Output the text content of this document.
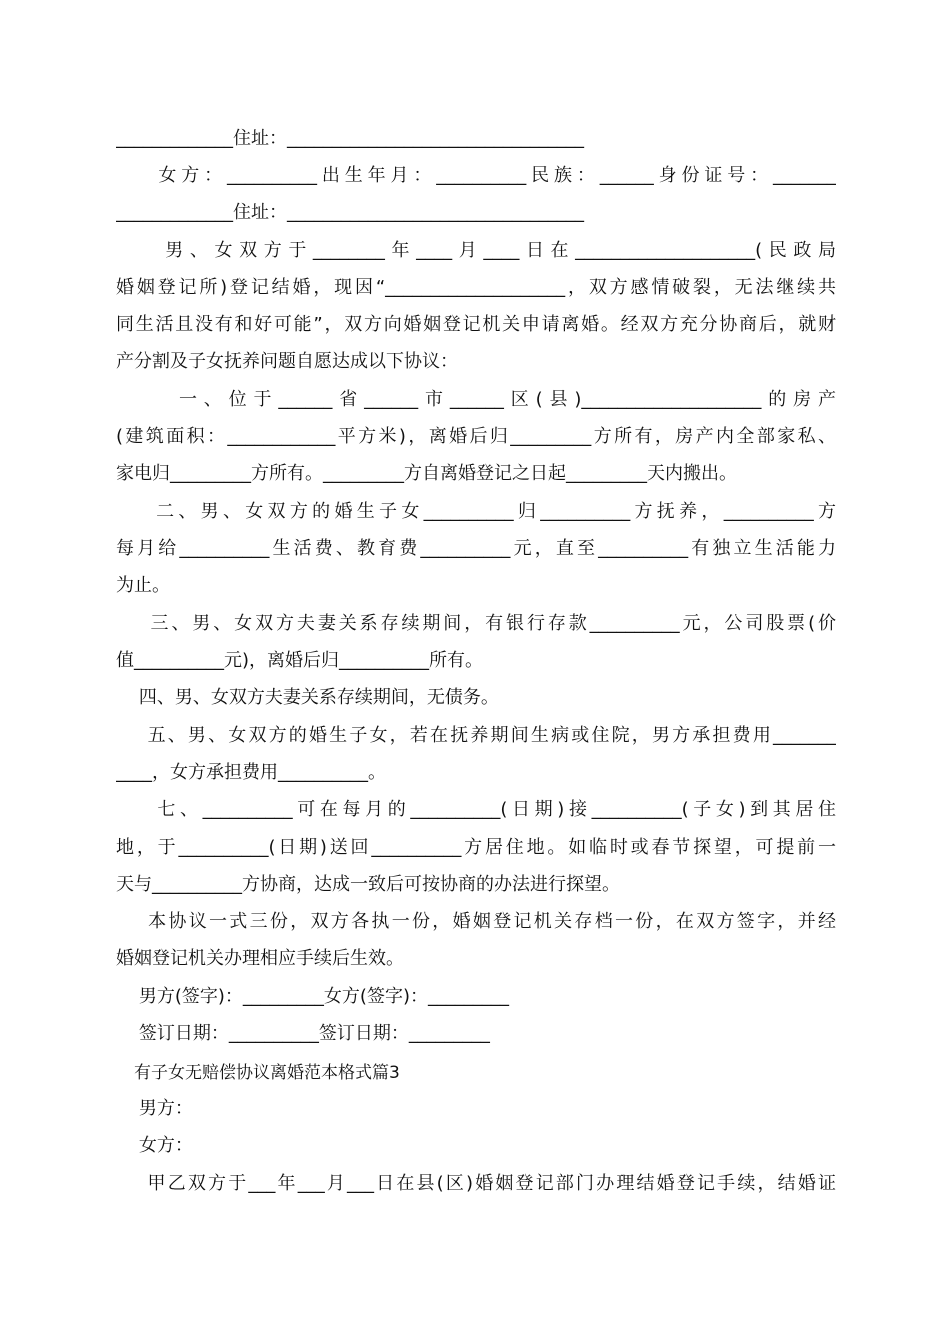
_____________住址：_________________________________
女方：__________出生年月：__________民族：______身份证号：_______
_____________住址：_________________________________
男、女双方于________年____月____日在____________________(民政局
婚姻登记所)登记结婚，现因“____________________，双方感情破裂，无法继续共
同生活且没有和好可能”，双方向婚姻登记机关申请离婚。经双方充分协商后，就财
产分割及子女抚养问题自愿达成以下协议：
一、位于______省______市______区(县)____________________的房产
(建筑面积：____________平方米)，离婚后归_________方所有，房产内全部家私、
家电归_________方所有。_________方自离婚登记之日起_________天内搬出。
二、男、女双方的婚生子女__________归__________方抚养，__________方
每月给__________生活费、教育费__________元，直至__________有独立生活能力
为止。
三、男、女双方夫妻关系存续期间，有银行存款__________元，公司股票(价
值__________元)，离婚后归__________所有。
四、男、女双方夫妻关系存续期间，无债务。
五、男、女双方的婚生子女，若在抚养期间生病或住院，男方承担费用_______
____，女方承担费用__________。
七、__________可在每月的__________(日期)接__________(子女)到其居住
地，于__________(日期)送回__________方居住地。如临时或春节探望，可提前一
天与__________方协商，达成一致后可按协商的办法进行探望。
本协议一式三份，双方各执一份，婚姻登记机关存档一份，在双方签字，并经
婚姻登记机关办理相应手续后生效。
男方(签字)：_________女方(签字)：_________
签订日期：__________签订日期：_________
有子女无赔偿协议离婚范本格式篇3
男方：
女方：
甲乙双方于___年___月___日在县(区)婚姻登记部门办理结婚登记手续，结婚证
